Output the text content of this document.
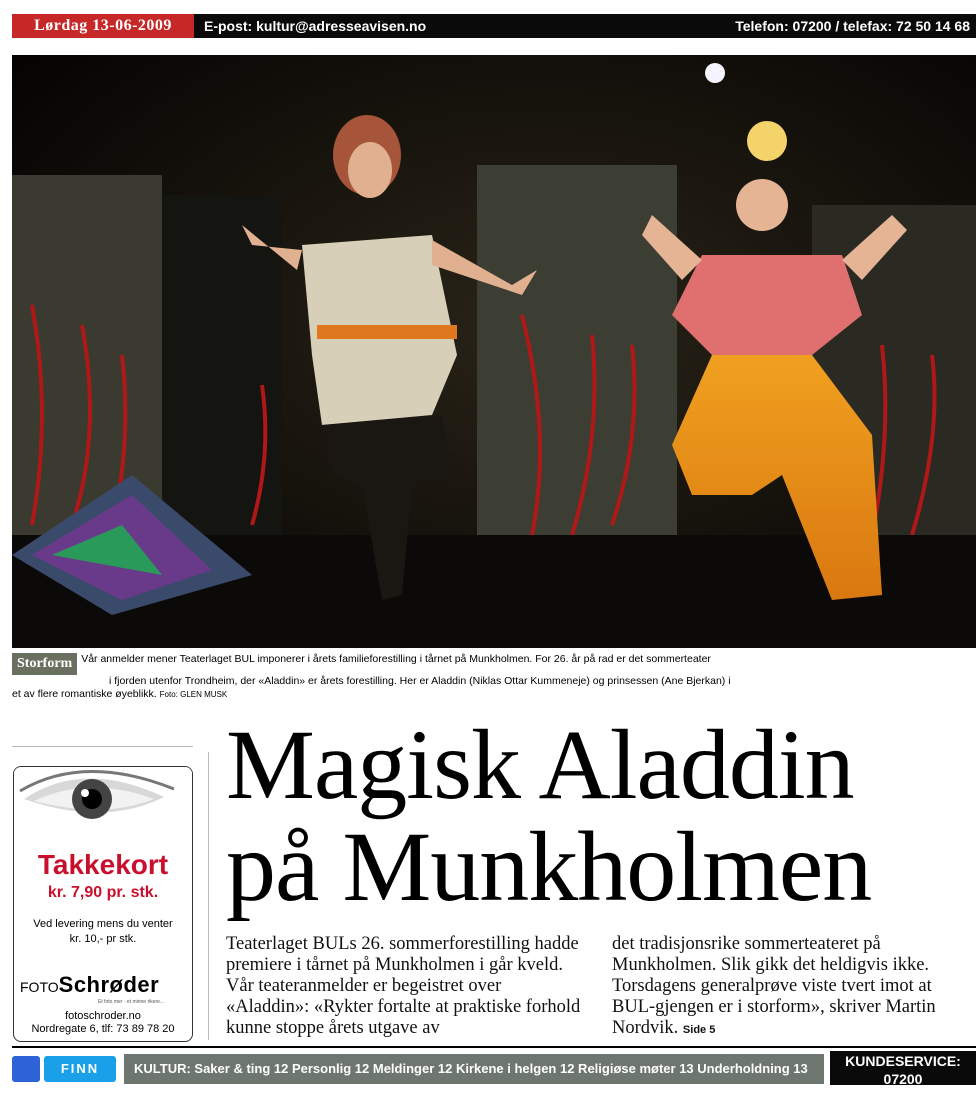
Lørdag 13-06-2009	E-post: kultur@adresseavisen.no	Telefon: 07200 / telefax: 72 50 14 68
Storform Vår anmelder mener Teaterlaget BUL imponerer i årets familieforestilling i tårnet på Munkholmen. For 26. år på rad er det sommerteater
i fjorden utenfor Trondheim, der «Aladdin» er årets forestilling. Her er Aladdin (Niklas Ottar Kummeneje) og prinsessen (Ane Bjerkan) i
et av flere romantiske øyeblikk. Foto: GLEN MUSK
Takkekort
kr. 7,90 pr. stk.
Ved levering mens du venter
kr. 10,- pr stk.
FOTOSchrøder
Et foto mer - et minne rikere...
fotoschroder.no
Nordregate 6, tlf: 73 89 78 20
Magisk Aladdin
på Munkholmen
Teaterlaget BULs 26. sommerforestilling hadde premiere i tårnet på Munkholmen i går kveld. Vår teateranmelder er begeistret over «Aladdin»: «Rykter fortalte at praktiske forhold kunne stoppe årets utgave av
det tradisjonsrike sommerteateret på Munkholmen. Slik gikk det heldigvis ikke. Torsdagens generalprøve viste tvert imot at BUL-gjengen er i storform», skriver Martin Nordvik. Side 5
FINN	KULTUR: Saker & ting 12 Personlig 12 Meldinger 12 Kirkene i helgen 12 Religiøse møter 13 Underholdning 13	KUNDESERVICE: 07200
kundeservice@adresseavisen.no
